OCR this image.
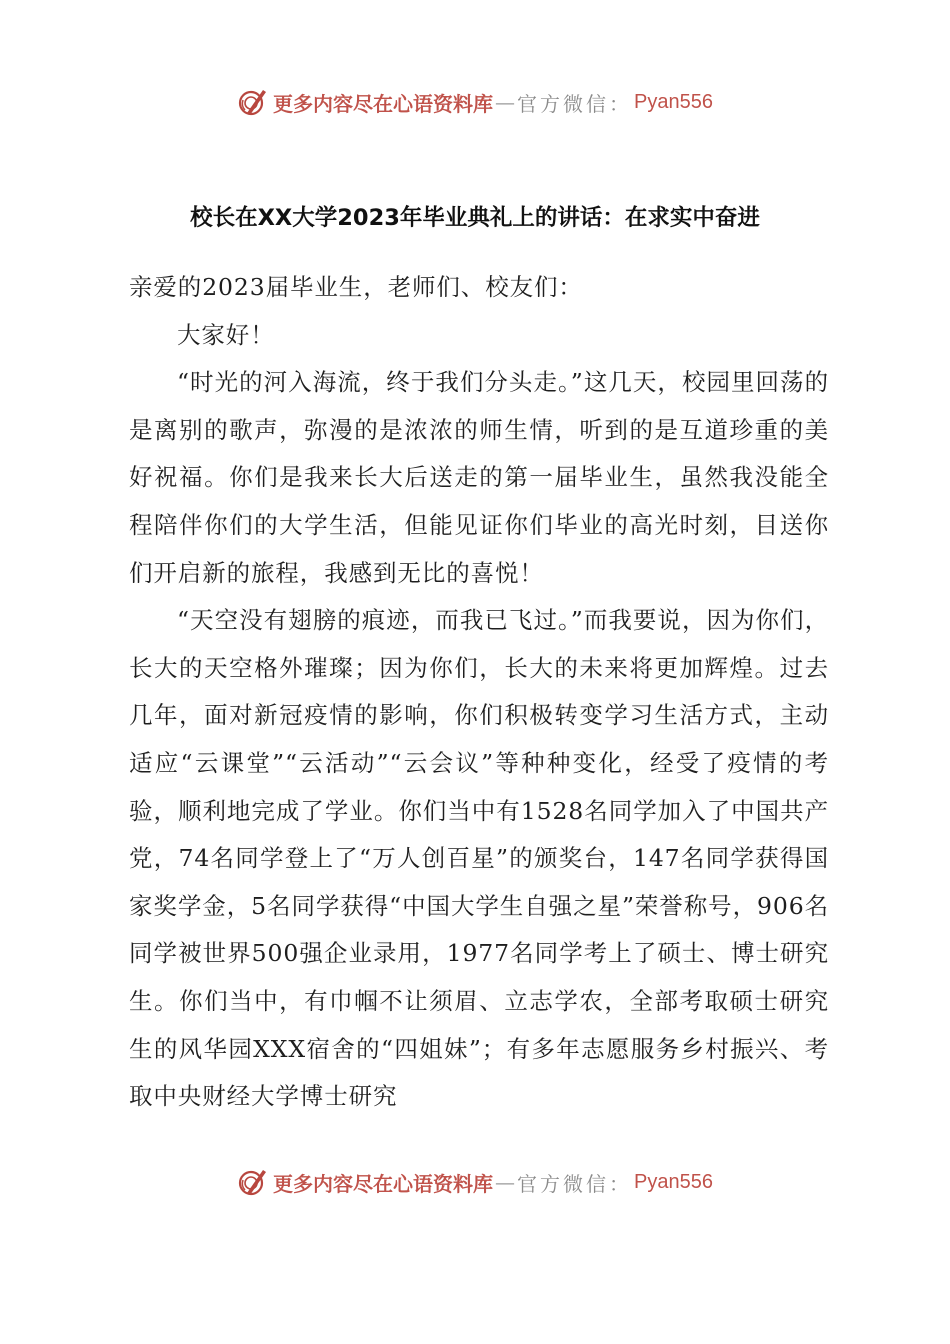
更多内容尽在心语资料库 — 官方微信： Pyan556
校长在XX大学2023年毕业典礼上的讲话：在求实中奋进

亲爱的2023届毕业生，老师们、校友们：

大家好！

“时光的河入海流，终于我们分头走。”这几天，校园里回荡的是离别的歌声，弥漫的是浓浓的师生情，听到的是互道珍重的美好祝福。你们是我来长大后送走的第一届毕业生，虽然我没能全程陪伴你们的大学生活，但能见证你们毕业的高光时刻，目送你们开启新的旅程，我感到无比的喜悦！

“天空没有翅膀的痕迹，而我已飞过。”而我要说，因为你们，长大的天空格外璀璨；因为你们，长大的未来将更加辉煌。过去几年，面对新冠疫情的影响，你们积极转变学习生活方式，主动适应“云课堂”“云活动”“云会议”等种种变化，经受了疫情的考验，顺利地完成了学业。你们当中有1528名同学加入了中国共产党，74名同学登上了“万人创百星”的颁奖台，147名同学获得国家奖学金，5名同学获得“中国大学生自强之星”荣誉称号，906名同学被世界500强企业录用，1977名同学考上了硕士、博士研究生。你们当中，有巾帼不让须眉、立志学农，全部考取硕士研究生的风华园XXX宿舍的“四姐妹”；有多年志愿服务乡村振兴、考取中央财经大学博士研究

更多内容尽在心语资料库 — 官方微信： Pyan556
